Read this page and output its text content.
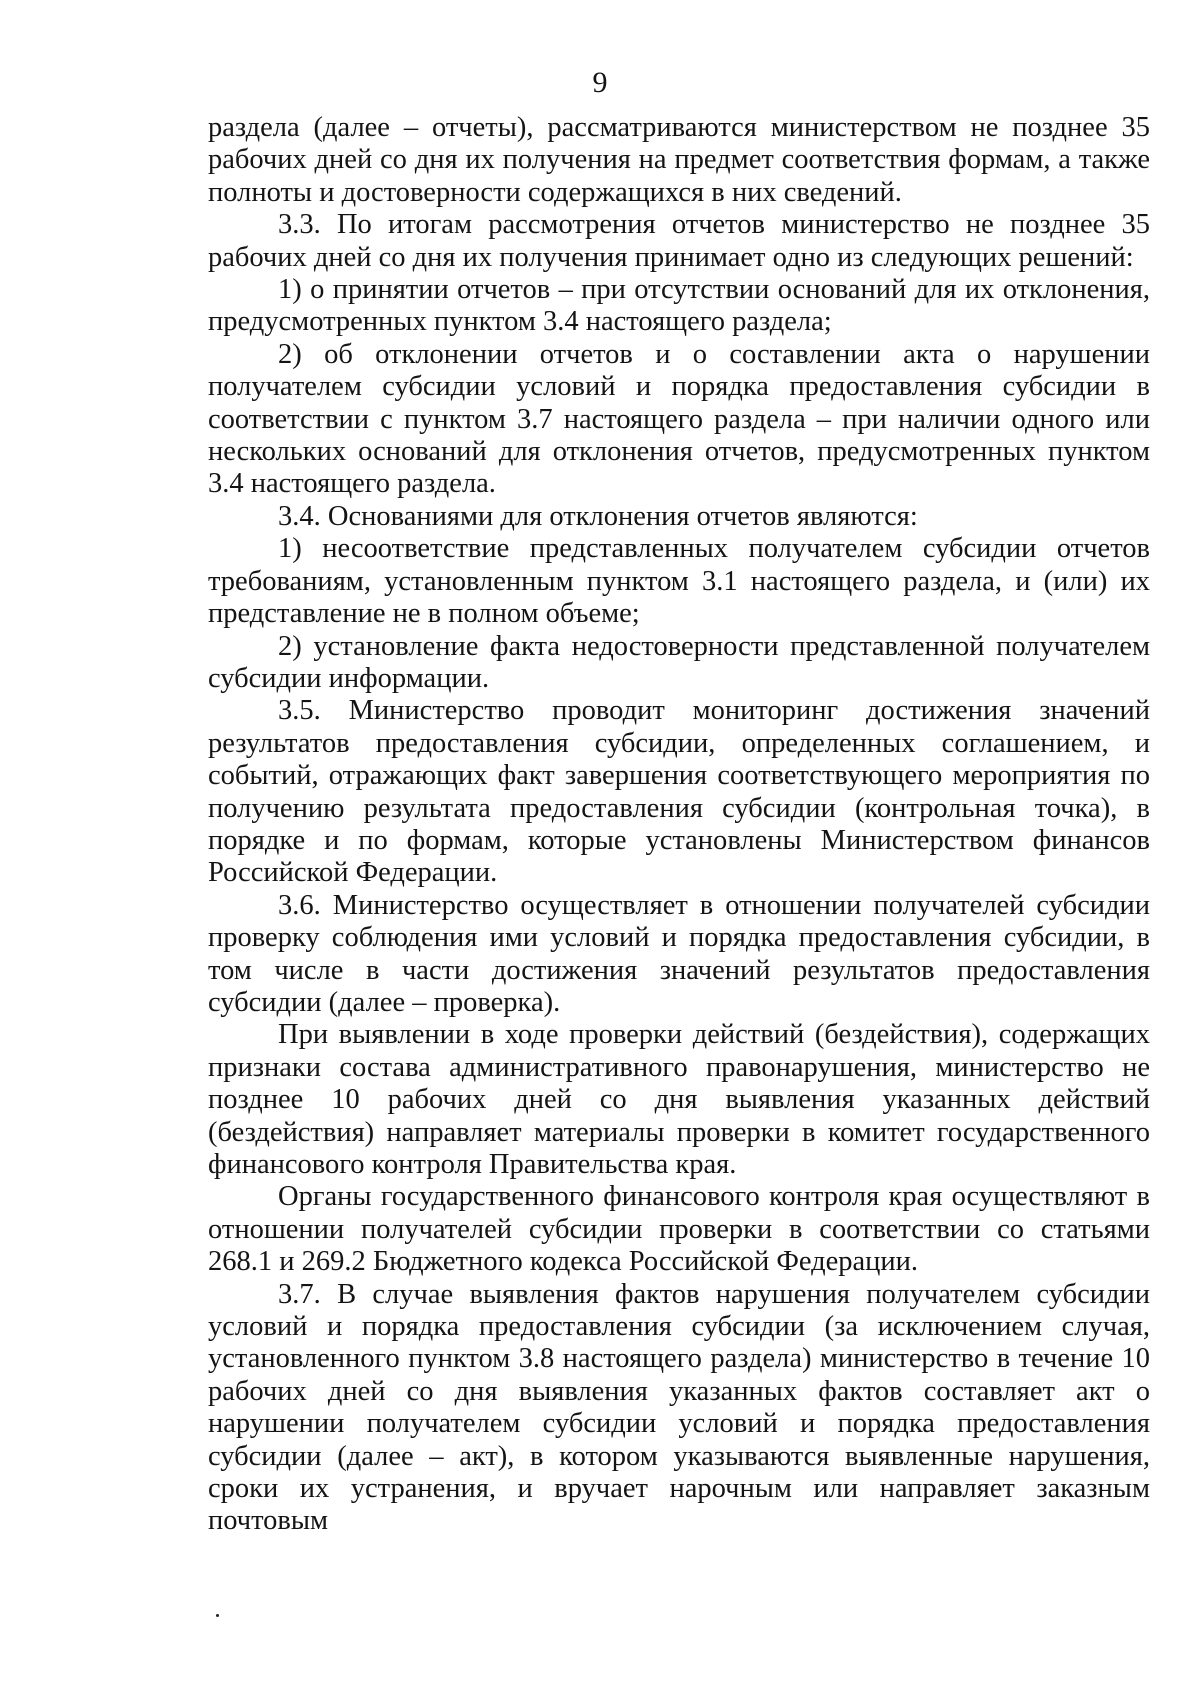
9

раздела (далее – отчеты), рассматриваются министерством не позднее 35 рабочих дней со дня их получения на предмет соответствия формам, а также полноты и достоверности содержащихся в них сведений.

3.3. По итогам рассмотрения отчетов министерство не позднее 35 рабочих дней со дня их получения принимает одно из следующих решений:

1) о принятии отчетов – при отсутствии оснований для их отклонения, предусмотренных пунктом 3.4 настоящего раздела;

2) об отклонении отчетов и о составлении акта о нарушении получателем субсидии условий и порядка предоставления субсидии в соответствии с пунктом 3.7 настоящего раздела – при наличии одного или нескольких оснований для отклонения отчетов, предусмотренных пунктом 3.4 настоящего раздела.

3.4. Основаниями для отклонения отчетов являются:

1) несоответствие представленных получателем субсидии отчетов требованиям, установленным пунктом 3.1 настоящего раздела, и (или) их представление не в полном объеме;

2) установление факта недостоверности представленной получателем субсидии информации.

3.5. Министерство проводит мониторинг достижения значений результатов предоставления субсидии, определенных соглашением, и событий, отражающих факт завершения соответствующего мероприятия по получению результата предоставления субсидии (контрольная точка), в порядке и по формам, которые установлены Министерством финансов Российской Федерации.

3.6. Министерство осуществляет в отношении получателей субсидии проверку соблюдения ими условий и порядка предоставления субсидии, в том числе в части достижения значений результатов предоставления субсидии (далее – проверка).

При выявлении в ходе проверки действий (бездействия), содержащих признаки состава административного правонарушения, министерство не позднее 10 рабочих дней со дня выявления указанных действий (бездействия) направляет материалы проверки в комитет государственного финансового контроля Правительства края.

Органы государственного финансового контроля края осуществляют в отношении получателей субсидии проверки в соответствии со статьями 268.1 и 269.2 Бюджетного кодекса Российской Федерации.

3.7. В случае выявления фактов нарушения получателем субсидии условий и порядка предоставления субсидии (за исключением случая, установленного пунктом 3.8 настоящего раздела) министерство в течение 10 рабочих дней со дня выявления указанных фактов составляет акт о нарушении получателем субсидии условий и порядка предоставления субсидии (далее – акт), в котором указываются выявленные нарушения, сроки их устранения, и вручает нарочным или направляет заказным почтовым
